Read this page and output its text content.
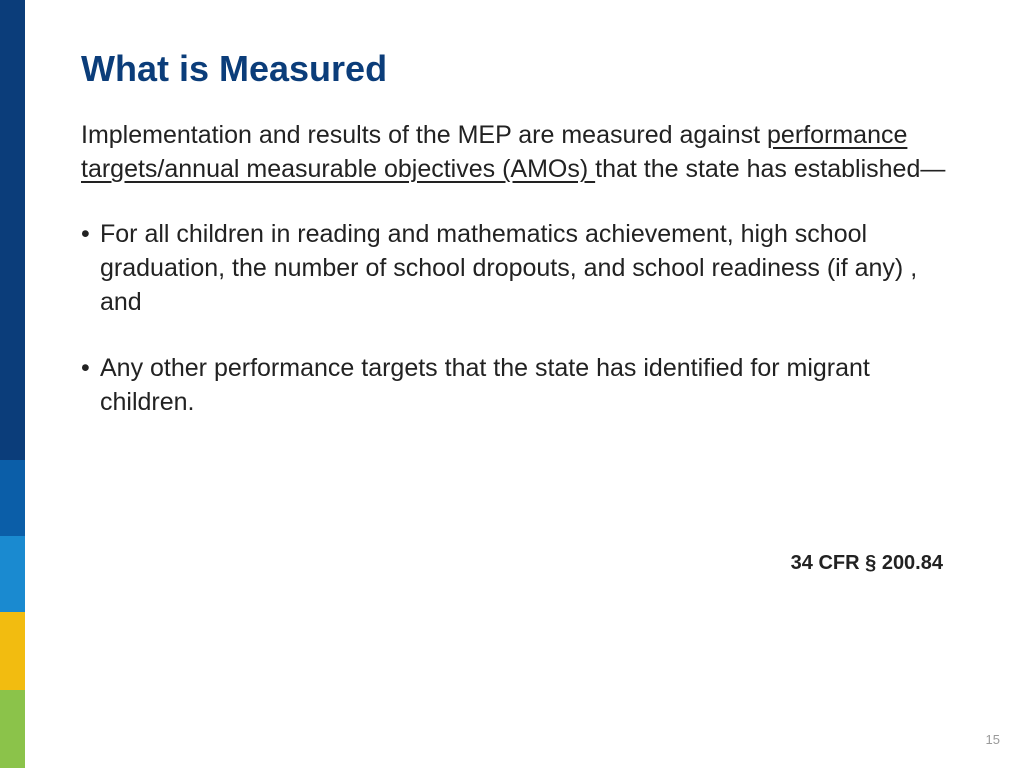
What is Measured

Implementation and results of the MEP are measured against performance targets/annual measurable objectives (AMOs) that the state has established—

• For all children in reading and mathematics achievement, high school graduation, the number of school dropouts, and school readiness (if any) , and
• Any other performance targets that the state has identified for migrant children.
34 CFR § 200.84
15
